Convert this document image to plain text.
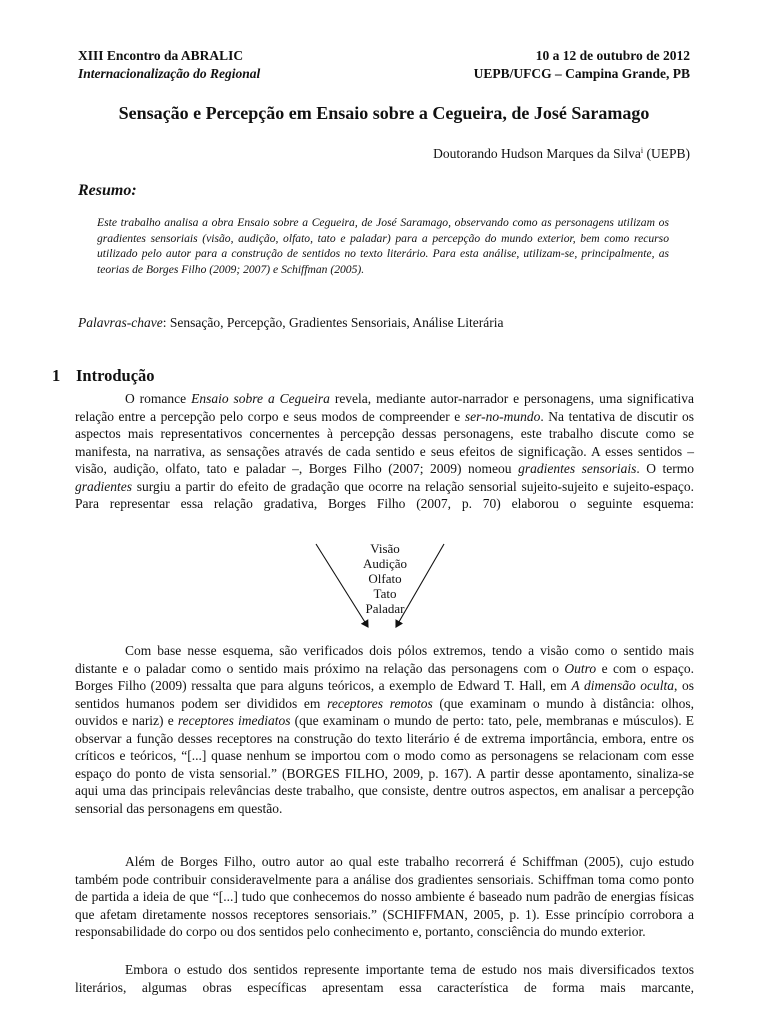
XIII Encontro da ABRALIC
Internacionalização do Regional
10 a 12 de outubro de 2012
UEPB/UFCG – Campina Grande, PB
Sensação e Percepção em Ensaio sobre a Cegueira, de José Saramago
Doutorando Hudson Marques da Silva$^i$ (UEPB)
Resumo:
Este trabalho analisa a obra Ensaio sobre a Cegueira, de José Saramago, observando como as personagens utilizam os gradientes sensoriais (visão, audição, olfato, tato e paladar) para a percepção do mundo exterior, bem como recurso utilizado pelo autor para a construção de sentidos no texto literário. Para esta análise, utilizam-se, principalmente, as teorias de Borges Filho (2009; 2007) e Schiffman (2005).
Palavras-chave: Sensação, Percepção, Gradientes Sensoriais, Análise Literária
1 Introdução

O romance Ensaio sobre a Cegueira revela, mediante autor-narrador e personagens, uma significativa relação entre a percepção pelo corpo e seus modos de compreender e ser-no-mundo. Na tentativa de discutir os aspectos mais representativos concernentes à percepção dessas personagens, este trabalho discute como se manifesta, na narrativa, as sensações através de cada sentido e seus efeitos de significação. A esses sentidos – visão, audição, olfato, tato e paladar –, Borges Filho (2007; 2009) nomeou gradientes sensoriais. O termo gradientes surgiu a partir do efeito de gradação que ocorre na relação sensorial sujeito-sujeito e sujeito-espaço. Para representar essa relação gradativa, Borges Filho (2007, p. 70) elaborou o seguinte esquema:

Visão
Audição
Olfato
Tato
Paladar

Com base nesse esquema, são verificados dois pólos extremos, tendo a visão como o sentido mais distante e o paladar como o sentido mais próximo na relação das personagens com o Outro e com o espaço. Borges Filho (2009) ressalta que para alguns teóricos, a exemplo de Edward T. Hall, em A dimensão oculta, os sentidos humanos podem ser divididos em receptores remotos (que examinam o mundo à distância: olhos, ouvidos e nariz) e receptores imediatos (que examinam o mundo de perto: tato, pele, membranas e músculos). E observar a função desses receptores na construção do texto literário é de extrema importância, embora, entre os críticos e teóricos, “[...] quase nenhum se importou com o modo como as personagens se relacionam com esse espaço do ponto de vista sensorial.” (BORGES FILHO, 2009, p. 167). A partir desse apontamento, sinaliza-se aqui uma das principais relevâncias deste trabalho, que consiste, dentre outros aspectos, em analisar a percepção sensorial das personagens em questão.

Além de Borges Filho, outro autor ao qual este trabalho recorrerá é Schiffman (2005), cujo estudo também pode contribuir consideravelmente para a análise dos gradientes sensoriais. Schiffman toma como ponto de partida a ideia de que “[...] tudo que conhecemos do nosso ambiente é baseado num padrão de energias físicas que afetam diretamente nossos receptores sensoriais.” (SCHIFFMAN, 2005, p. 1). Esse princípio corrobora a responsabilidade do corpo ou dos sentidos pelo conhecimento e, portanto, consciência do mundo exterior.

Embora o estudo dos sentidos represente importante tema de estudo nos mais diversificados textos literários, algumas obras específicas apresentam essa característica de forma mais marcante,
